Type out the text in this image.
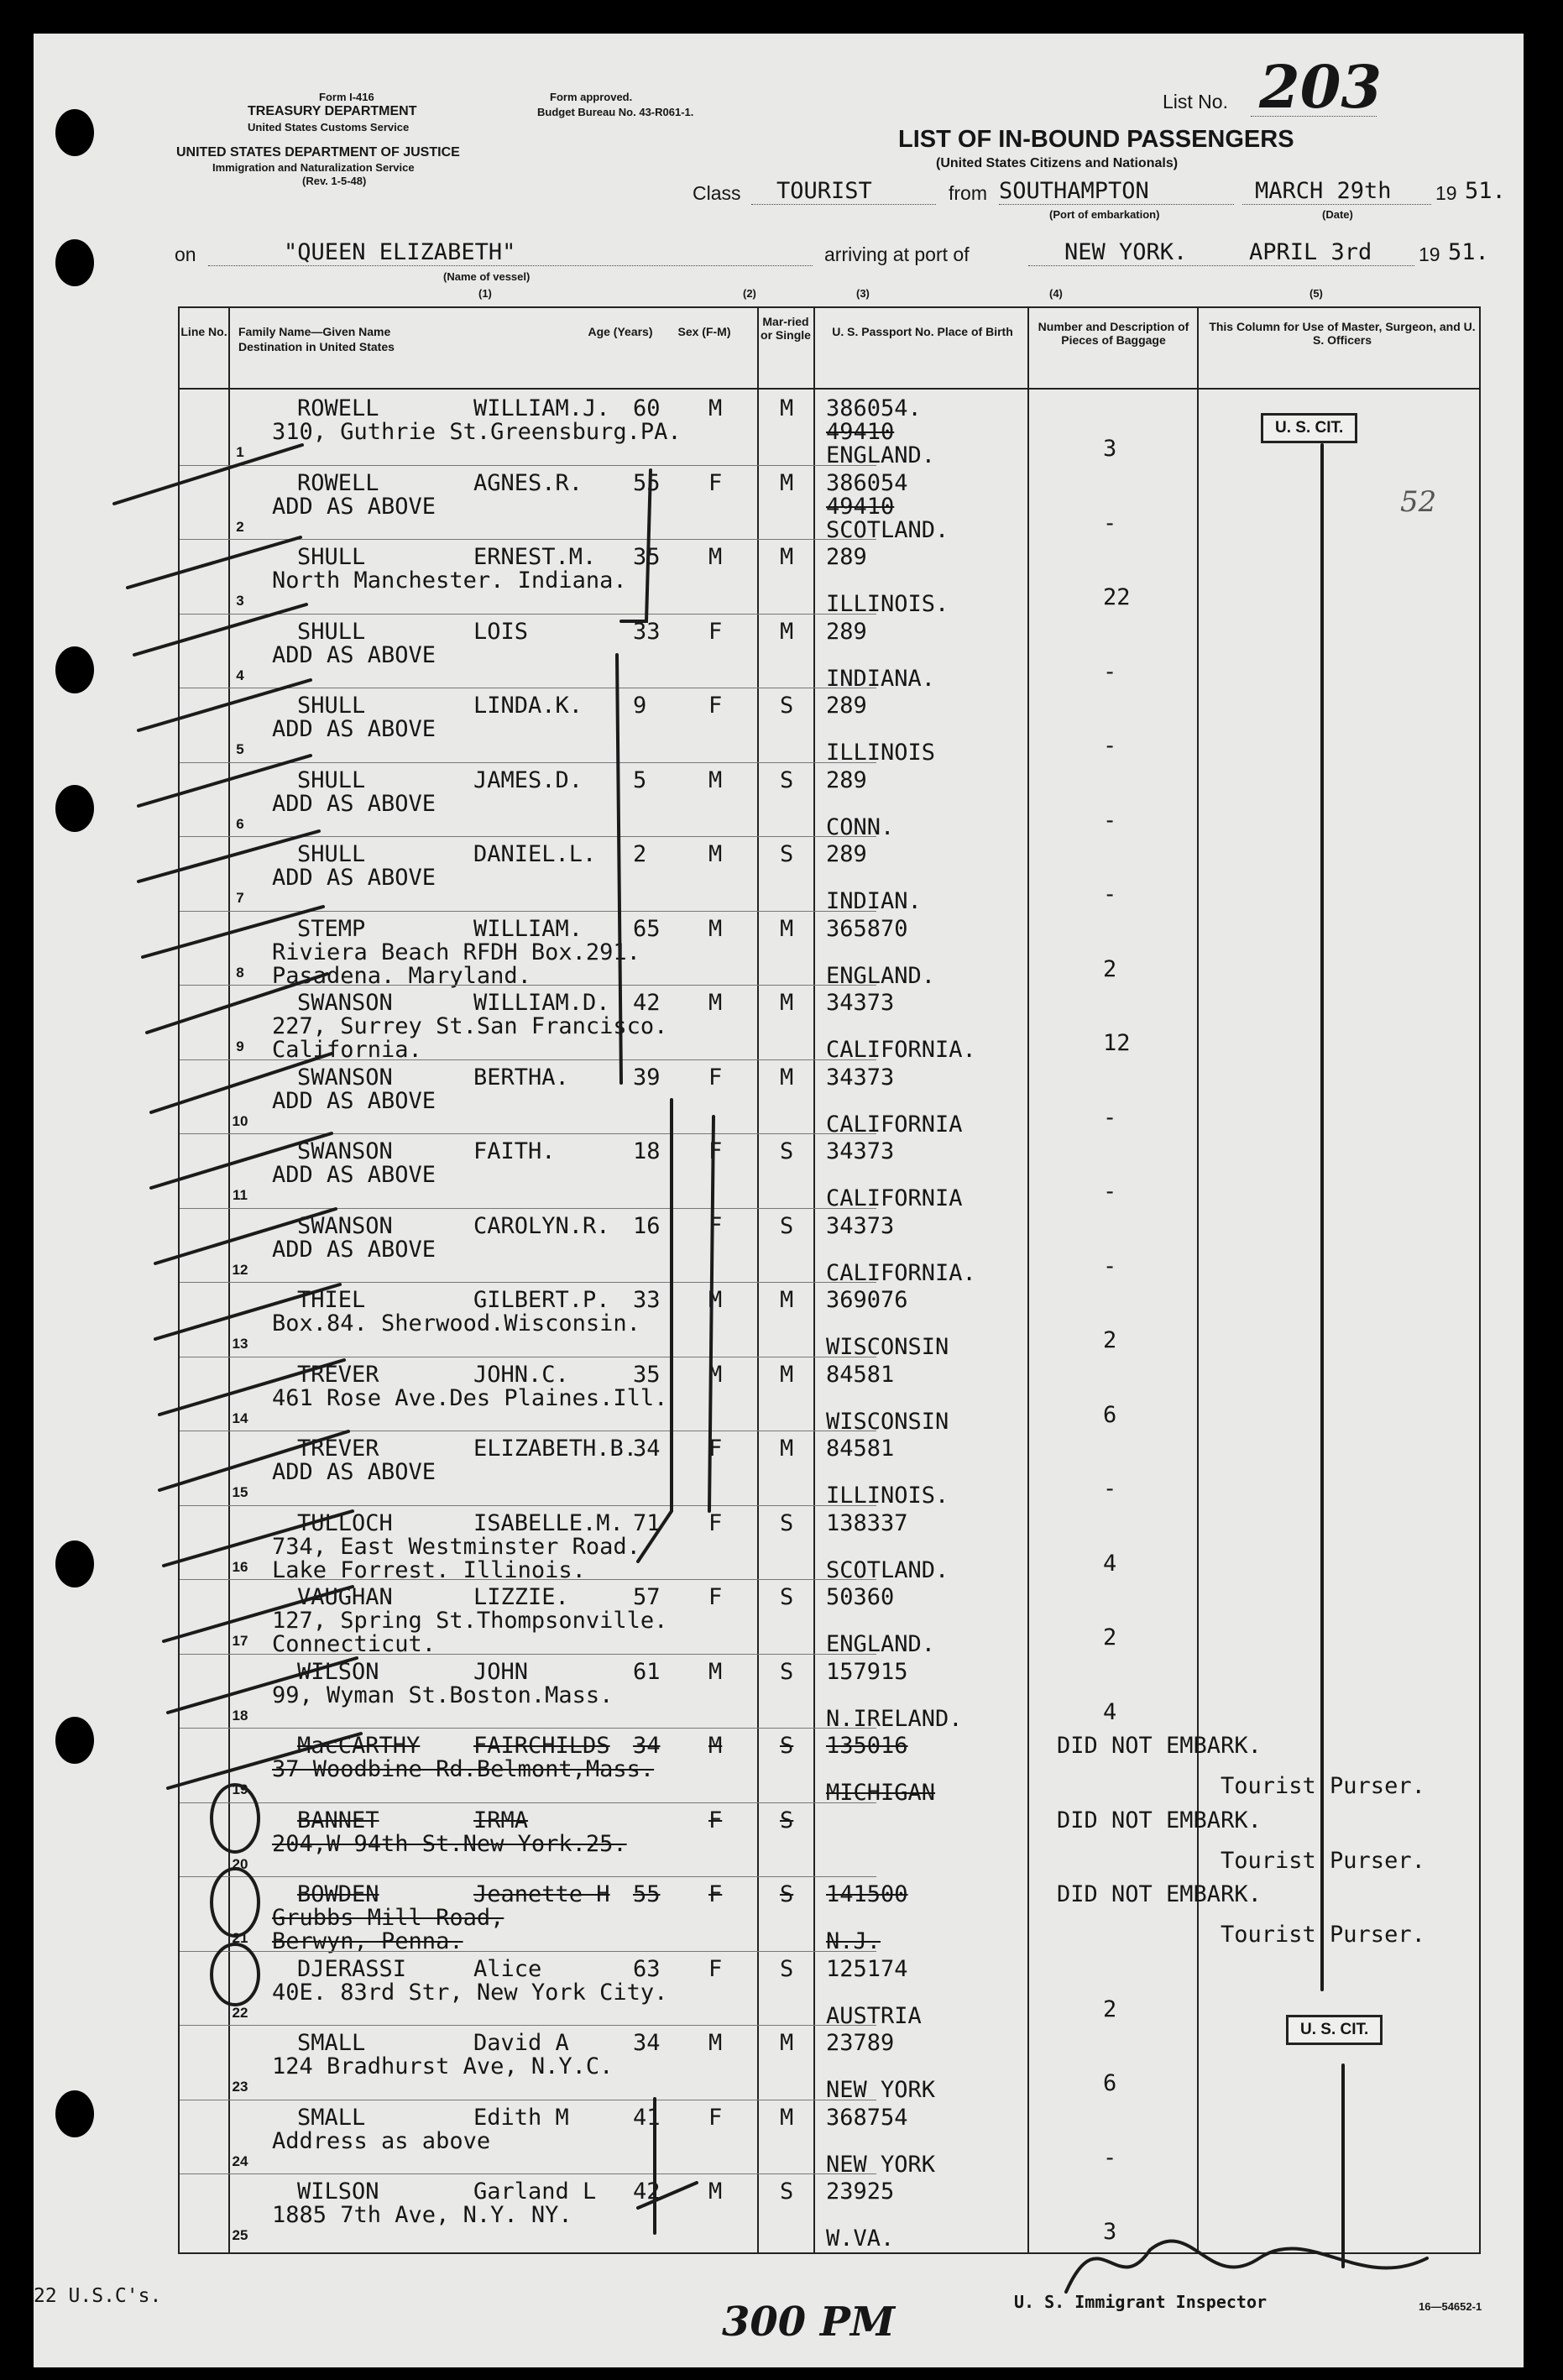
Form I-416
TREASURY DEPARTMENT
United States Customs Service
Form approved.
Budget Bureau No. 43-R061-1.
UNITED STATES DEPARTMENT OF JUSTICE
Immigration and Naturalization Service
(Rev. 1-5-48)
List No. 203
LIST OF IN-BOUND PASSENGERS
(United States Citizens and Nationals)
Class TOURIST	from SOUTHAMPTON
(Port of embarkation)
MARCH 29th
(Date)
19 51.
on	"QUEEN ELIZABETH"
(Name of vessel)
arriving at port of	NEW YORK.	APRIL 3rd 19 51.
(1)	(2)	(3)	(4)	(5)
Line No. Family Name—Given Name
Destination in United States
Age (Years) Sex (F-M)
Mar-ried or Single	U. S. Passport No. Place of Birth	Number and Description of Pieces of Baggage
This Column for Use of Master, Surgeon, and U. S. Officers
1
ROWELL	WILLIAM.J. 60 M	M
310, Guthrie St.Greensburg.PA.
386054.
49410
ENGLAND.	3
2
ROWELL	AGNES.R. 55 F	M
ADD AS ABOVE
386054
49410
SCOTLAND.	-
3
SHULL	ERNEST.M. 35 M	M
North Manchester. Indiana.
289
ILLINOIS.	22
4
SHULL	LOIS	33 F	M
ADD AS ABOVE
289
INDIANA.	-
5
SHULL	LINDA.K. 9	F	S
ADD AS ABOVE
289
ILLINOIS	-
6
SHULL	JAMES.D. 5	M	S
ADD AS ABOVE
289
CONN.	-
7
SHULL	DANIEL.L. 2	M	S
ADD AS ABOVE
289
INDIAN.	-
8
STEMP	WILLIAM. 65 M	M
Riviera Beach RFDH Box.291.
Pasadena. Maryland.
365870
ENGLAND.	2
9
SWANSON	WILLIAM.D. 42 M	M
227, Surrey St.San Francisco.
California.
34373
CALIFORNIA.	12
10
SWANSON	BERTHA.	39 F	M
ADD AS ABOVE
34373
CALIFORNIA	-
11
SWANSON	FAITH.	18 F	S
ADD AS ABOVE
34373
CALIFORNIA	-
12
SWANSON	CAROLYN.R. 16 F	S
ADD AS ABOVE
34373
CALIFORNIA.	-
13
THIEL	GILBERT.P. 33 M	M
Box.84. Sherwood.Wisconsin.
369076
WISCONSIN	2
14
TREVER	JOHN.C.	35 M	M
461 Rose Ave.Des Plaines.Ill.
84581
WISCONSIN	6
15
TREVER	ELIZABETH.B.
34 F	M
ADD AS ABOVE
84581
ILLINOIS.	-
16
TULLOCH	ISABELLE.M. 71 F	S
734, East Westminster Road.
Lake Forrest. Illinois.
138337
SCOTLAND.	4
17
VAUGHAN	LIZZIE.	57 F	S
127, Spring St.Thompsonville.
Connecticut.
50360
ENGLAND.	2
18
WILSON	JOHN	61 M	S
99, Wyman St.Boston.Mass.
157915
N.IRELAND.	4
19
MacCARTHY FAIRCHILDS 34 M	S
37 Woodbine Rd.Belmont,Mass.
135016
MICHIGAN
DID NOT EMBARK.
Tourist Purser.
20
BANNET	IRMA	F	S
204,W 94th St.New York.25.
DID NOT EMBARK.
Tourist Purser.
21
BOWDEN	Jeanette H 55 F	S
Grubbs Mill Road,
Berwyn, Penna.
141500
N.J.
DID NOT EMBARK.
Tourist Purser.
22
DJERASSI	Alice	63 F	S
40E. 83rd Str, New York City.
125174
AUSTRIA	2
23
SMALL	David A	34 M	M
124 Bradhurst Ave, N.Y.C.
23789
NEW YORK	6
24
SMALL	Edith M	41 F	M
Address as above
368754
NEW YORK	-
25
WILSON	Garland L 42 M	S
1885 7th Ave, N.Y. NY.
23925
W.VA.	3
U. S. CIT.
U. S. CIT.
52
22 U.S.C's.
300 PM	U. S. Immigrant Inspector	16—54652-1
